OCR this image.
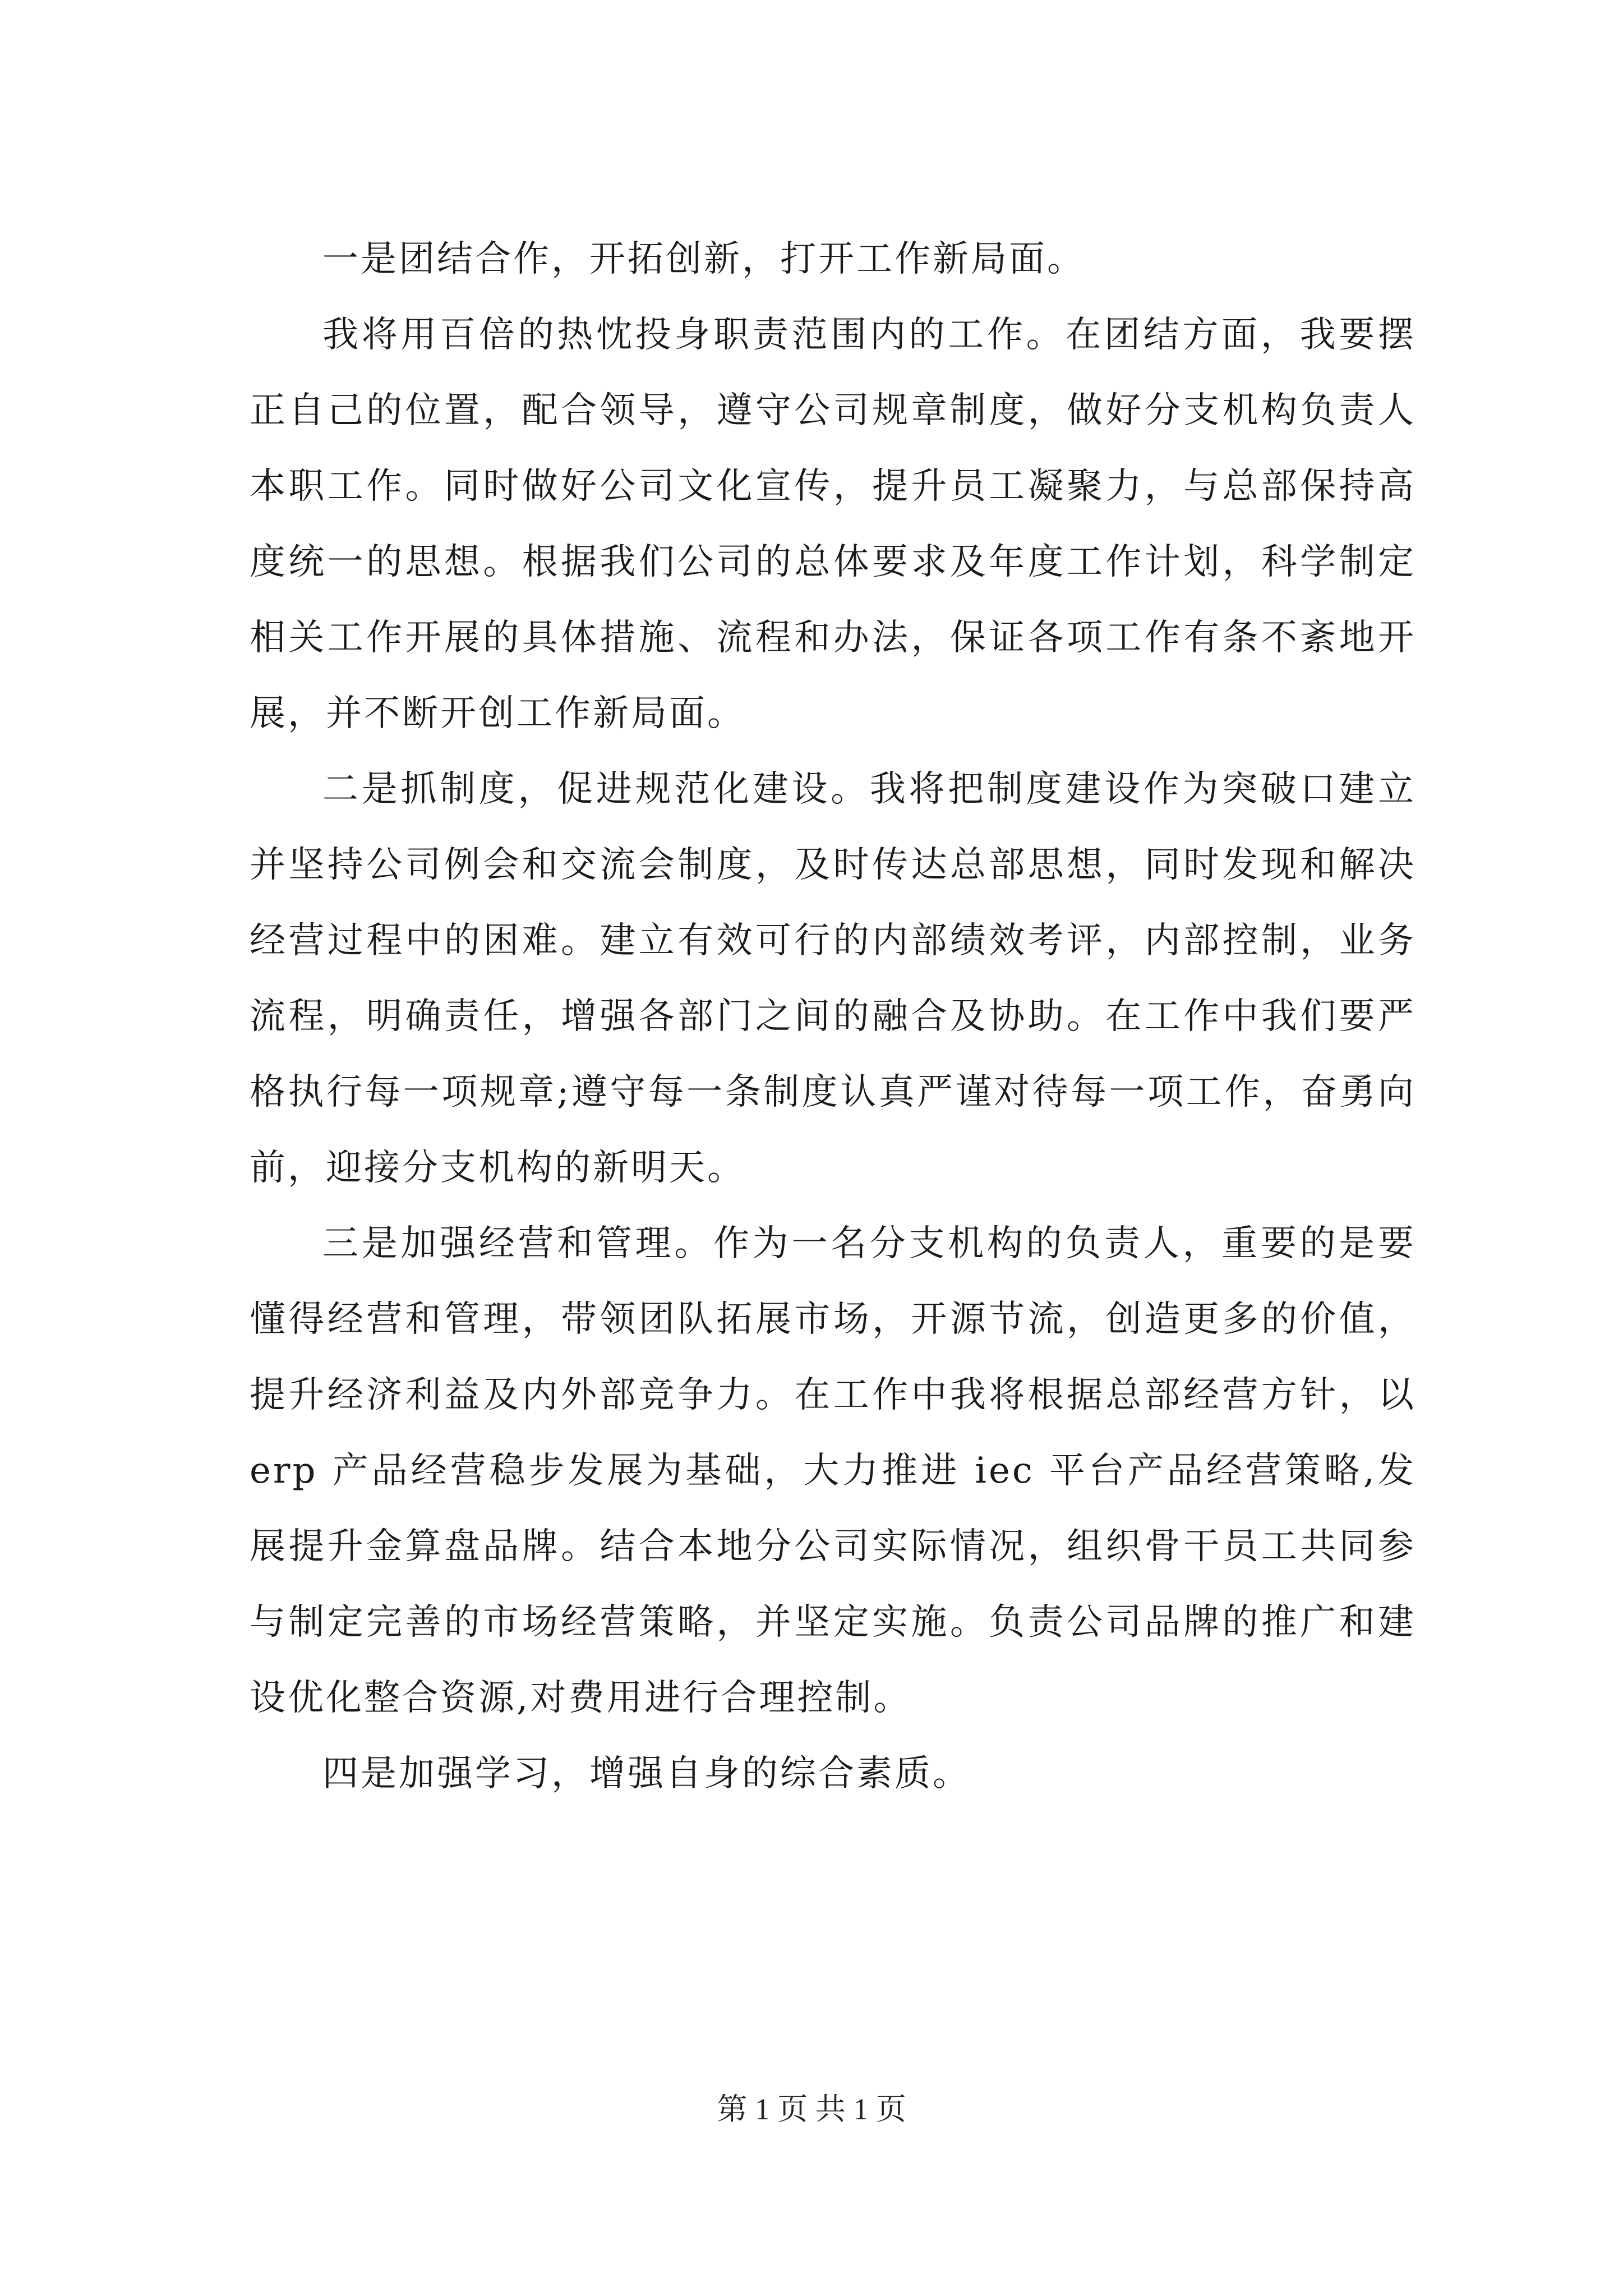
一是团结合作，开拓创新，打开工作新局面。

我将用百倍的热忱投身职责范围内的工作。在团结方面，我要摆正自己的位置，配合领导，遵守公司规章制度，做好分支机构负责人本职工作。同时做好公司文化宣传，提升员工凝聚力，与总部保持高度统一的思想。根据我们公司的总体要求及年度工作计划，科学制定相关工作开展的具体措施、流程和办法，保证各项工作有条不紊地开展，并不断开创工作新局面。

二是抓制度，促进规范化建设。我将把制度建设作为突破口建立并坚持公司例会和交流会制度，及时传达总部思想，同时发现和解决经营过程中的困难。建立有效可行的内部绩效考评，内部控制，业务流程，明确责任，增强各部门之间的融合及协助。在工作中我们要严格执行每一项规章;遵守每一条制度认真严谨对待每一项工作，奋勇向前，迎接分支机构的新明天。

三是加强经营和管理。作为一名分支机构的负责人，重要的是要懂得经营和管理，带领团队拓展市场，开源节流，创造更多的价值，提升经济利益及内外部竞争力。在工作中我将根据总部经营方针，以 erp 产品经营稳步发展为基础，大力推进 iec 平台产品经营策略,发展提升金算盘品牌。结合本地分公司实际情况，组织骨干员工共同参与制定完善的市场经营策略，并坚定实施。负责公司品牌的推广和建设优化整合资源,对费用进行合理控制。

四是加强学习，增强自身的综合素质。

第 1 页 共 1 页
